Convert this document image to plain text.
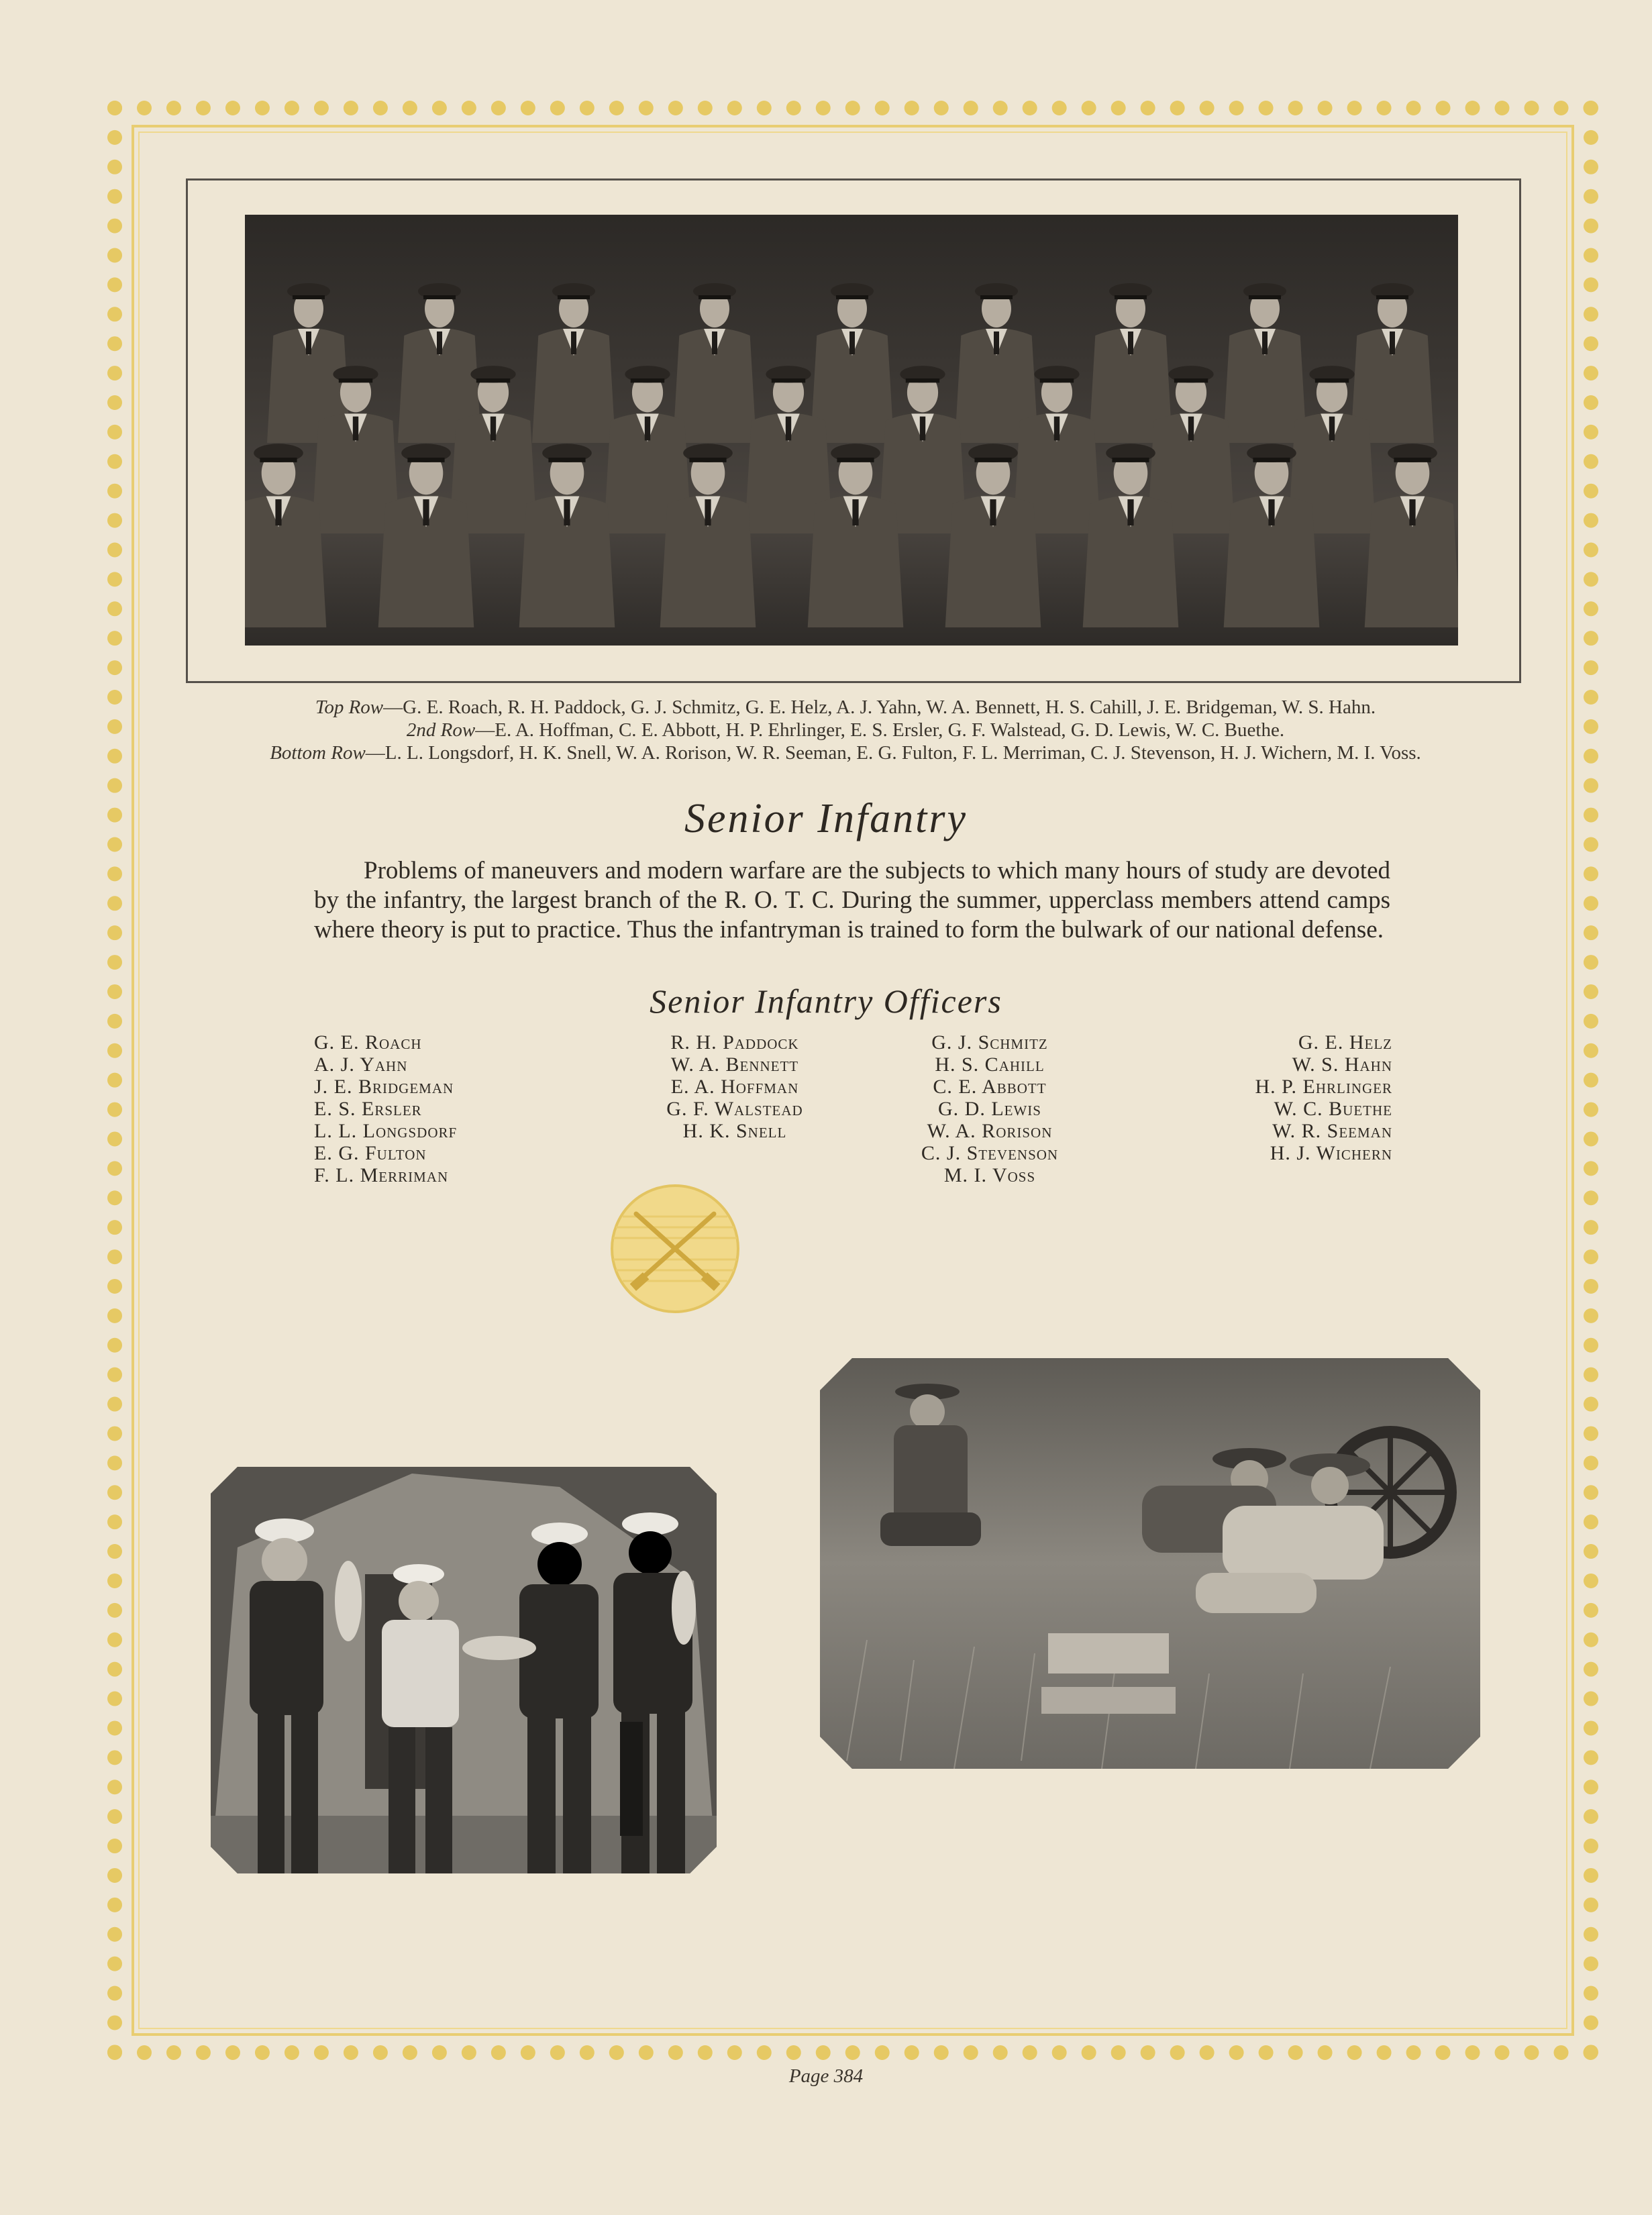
Top Row—G. E. Roach, R. H. Paddock, G. J. Schmitz, G. E. Helz, A. J. Yahn, W. A. Bennett, H. S. Cahill, J. E. Bridgeman, W. S. Hahn.
2nd Row—E. A. Hoffman, C. E. Abbott, H. P. Ehrlinger, E. S. Ersler, G. F. Walstead, G. D. Lewis, W. C. Buethe.
Bottom Row—L. L. Longsdorf, H. K. Snell, W. A. Rorison, W. R. Seeman, E. G. Fulton, F. L. Merriman, C. J. Stevenson, H. J. Wichern, M. I. Voss.
Senior Infantry
Problems of maneuvers and modern warfare are the subjects to which many hours of study are devoted by the infantry, the largest branch of the R. O. T. C. During the summer, upperclass members attend camps where theory is put to practice. Thus the infantryman is trained to form the bulwark of our national defense.
Senior Infantry Officers
G. E. Roach
A. J. Yahn
J. E. Bridgeman
E. S. Ersler
L. L. Longsdorf
E. G. Fulton
F. L. Merriman
R. H. Paddock
W. A. Bennett
E. A. Hoffman
G. F. Walstead
H. K. Snell
G. J. Schmitz
H. S. Cahill
C. E. Abbott
G. D. Lewis
W. A. Rorison
C. J. Stevenson
M. I. Voss
G. E. Helz
W. S. Hahn
H. P. Ehrlinger
W. C. Buethe
W. R. Seeman
H. J. Wichern
Page 384
